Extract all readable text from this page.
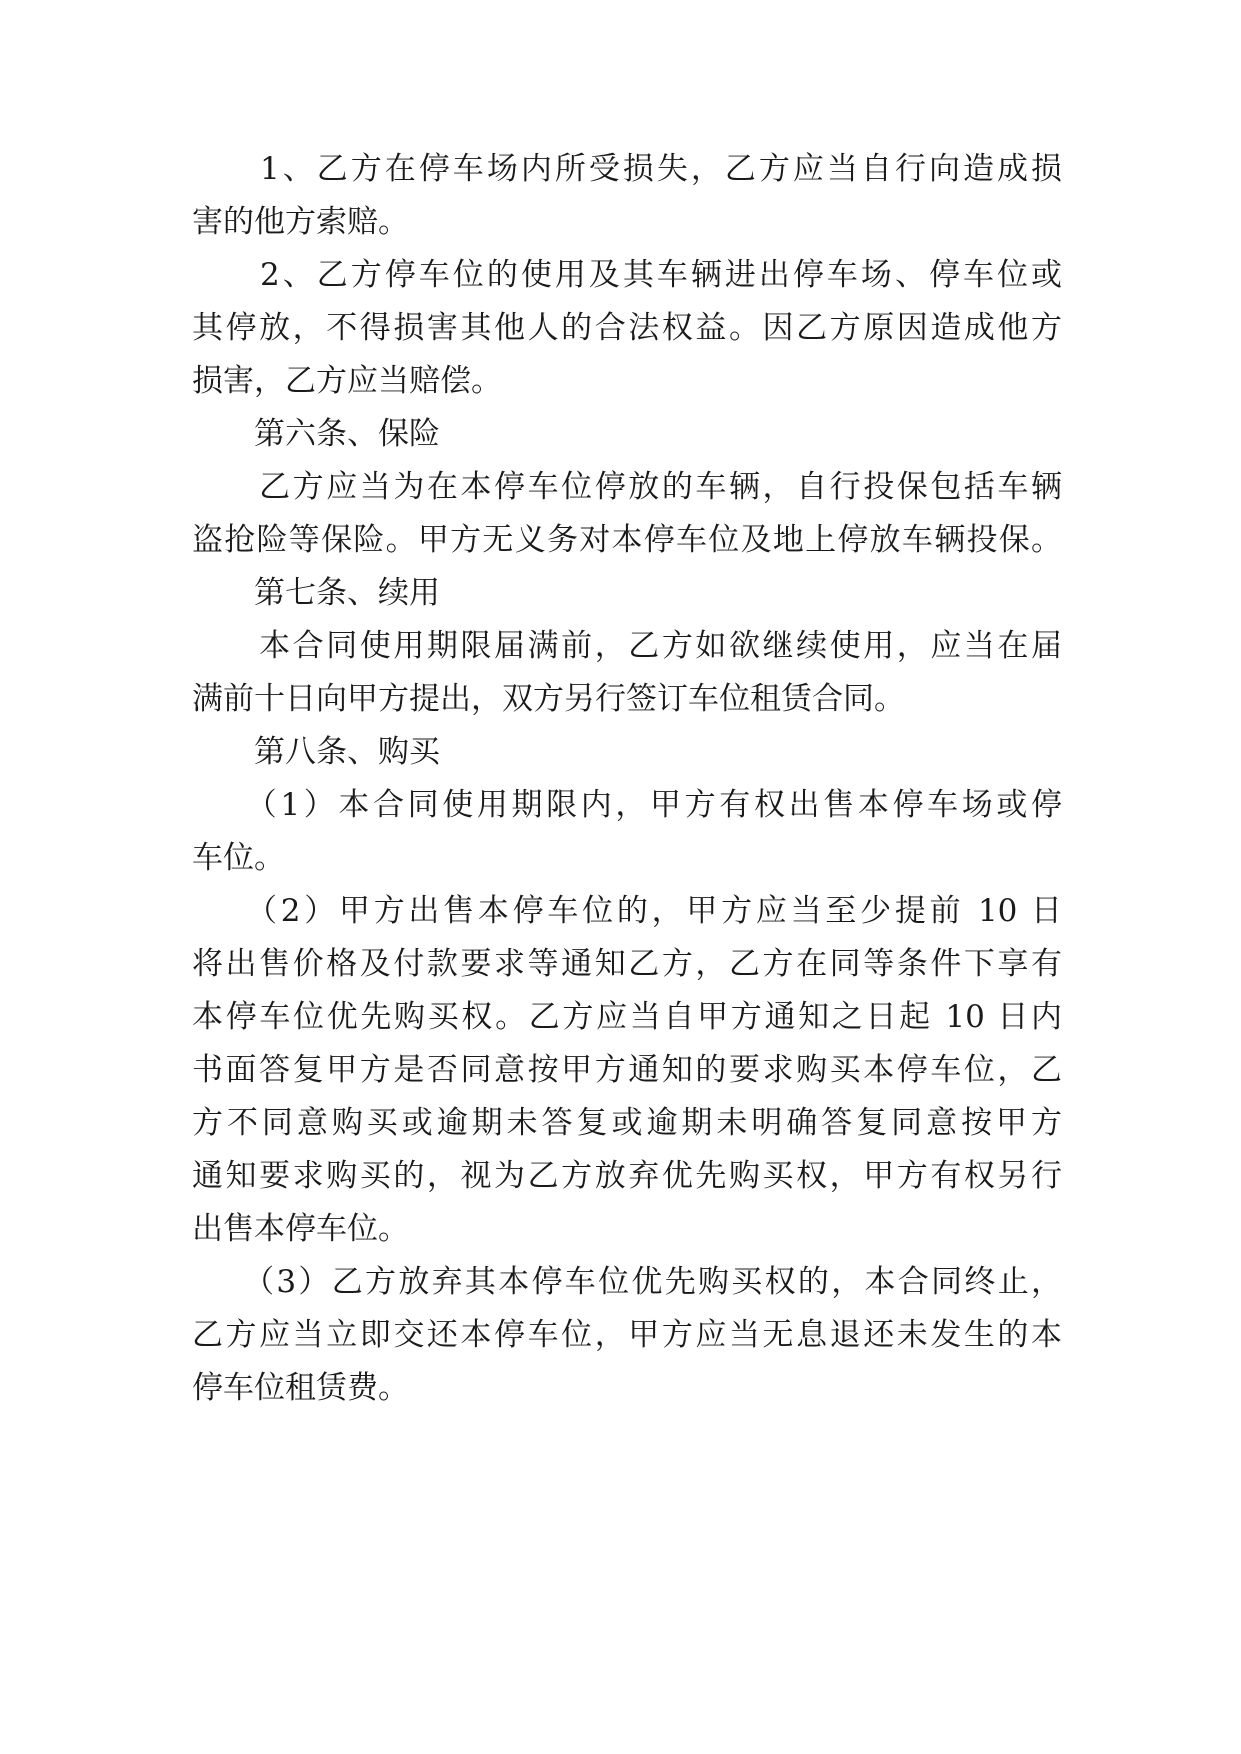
　　1、乙方在停车场内所受损失，乙方应当自行向造成损
害的他方索赔。
　　2、乙方停车位的使用及其车辆进出停车场、停车位或
其停放，不得损害其他人的合法权益。因乙方原因造成他方
损害，乙方应当赔偿。
　　第六条、保险
　　乙方应当为在本停车位停放的车辆，自行投保包括车辆
盗抢险等保险。甲方无义务对本停车位及地上停放车辆投保。
　　第七条、续用
　　本合同使用期限届满前，乙方如欲继续使用，应当在届
满前十日向甲方提出，双方另行签订车位租赁合同。
　　第八条、购买
　　（1）本合同使用期限内，甲方有权出售本停车场或停
车位。
　　（2）甲方出售本停车位的，甲方应当至少提前 10 日
将出售价格及付款要求等通知乙方，乙方在同等条件下享有
本停车位优先购买权。乙方应当自甲方通知之日起 10 日内
书面答复甲方是否同意按甲方通知的要求购买本停车位，乙
方不同意购买或逾期未答复或逾期未明确答复同意按甲方
通知要求购买的，视为乙方放弃优先购买权，甲方有权另行
出售本停车位。
　　（3）乙方放弃其本停车位优先购买权的，本合同终止，
乙方应当立即交还本停车位，甲方应当无息退还未发生的本
停车位租赁费。
